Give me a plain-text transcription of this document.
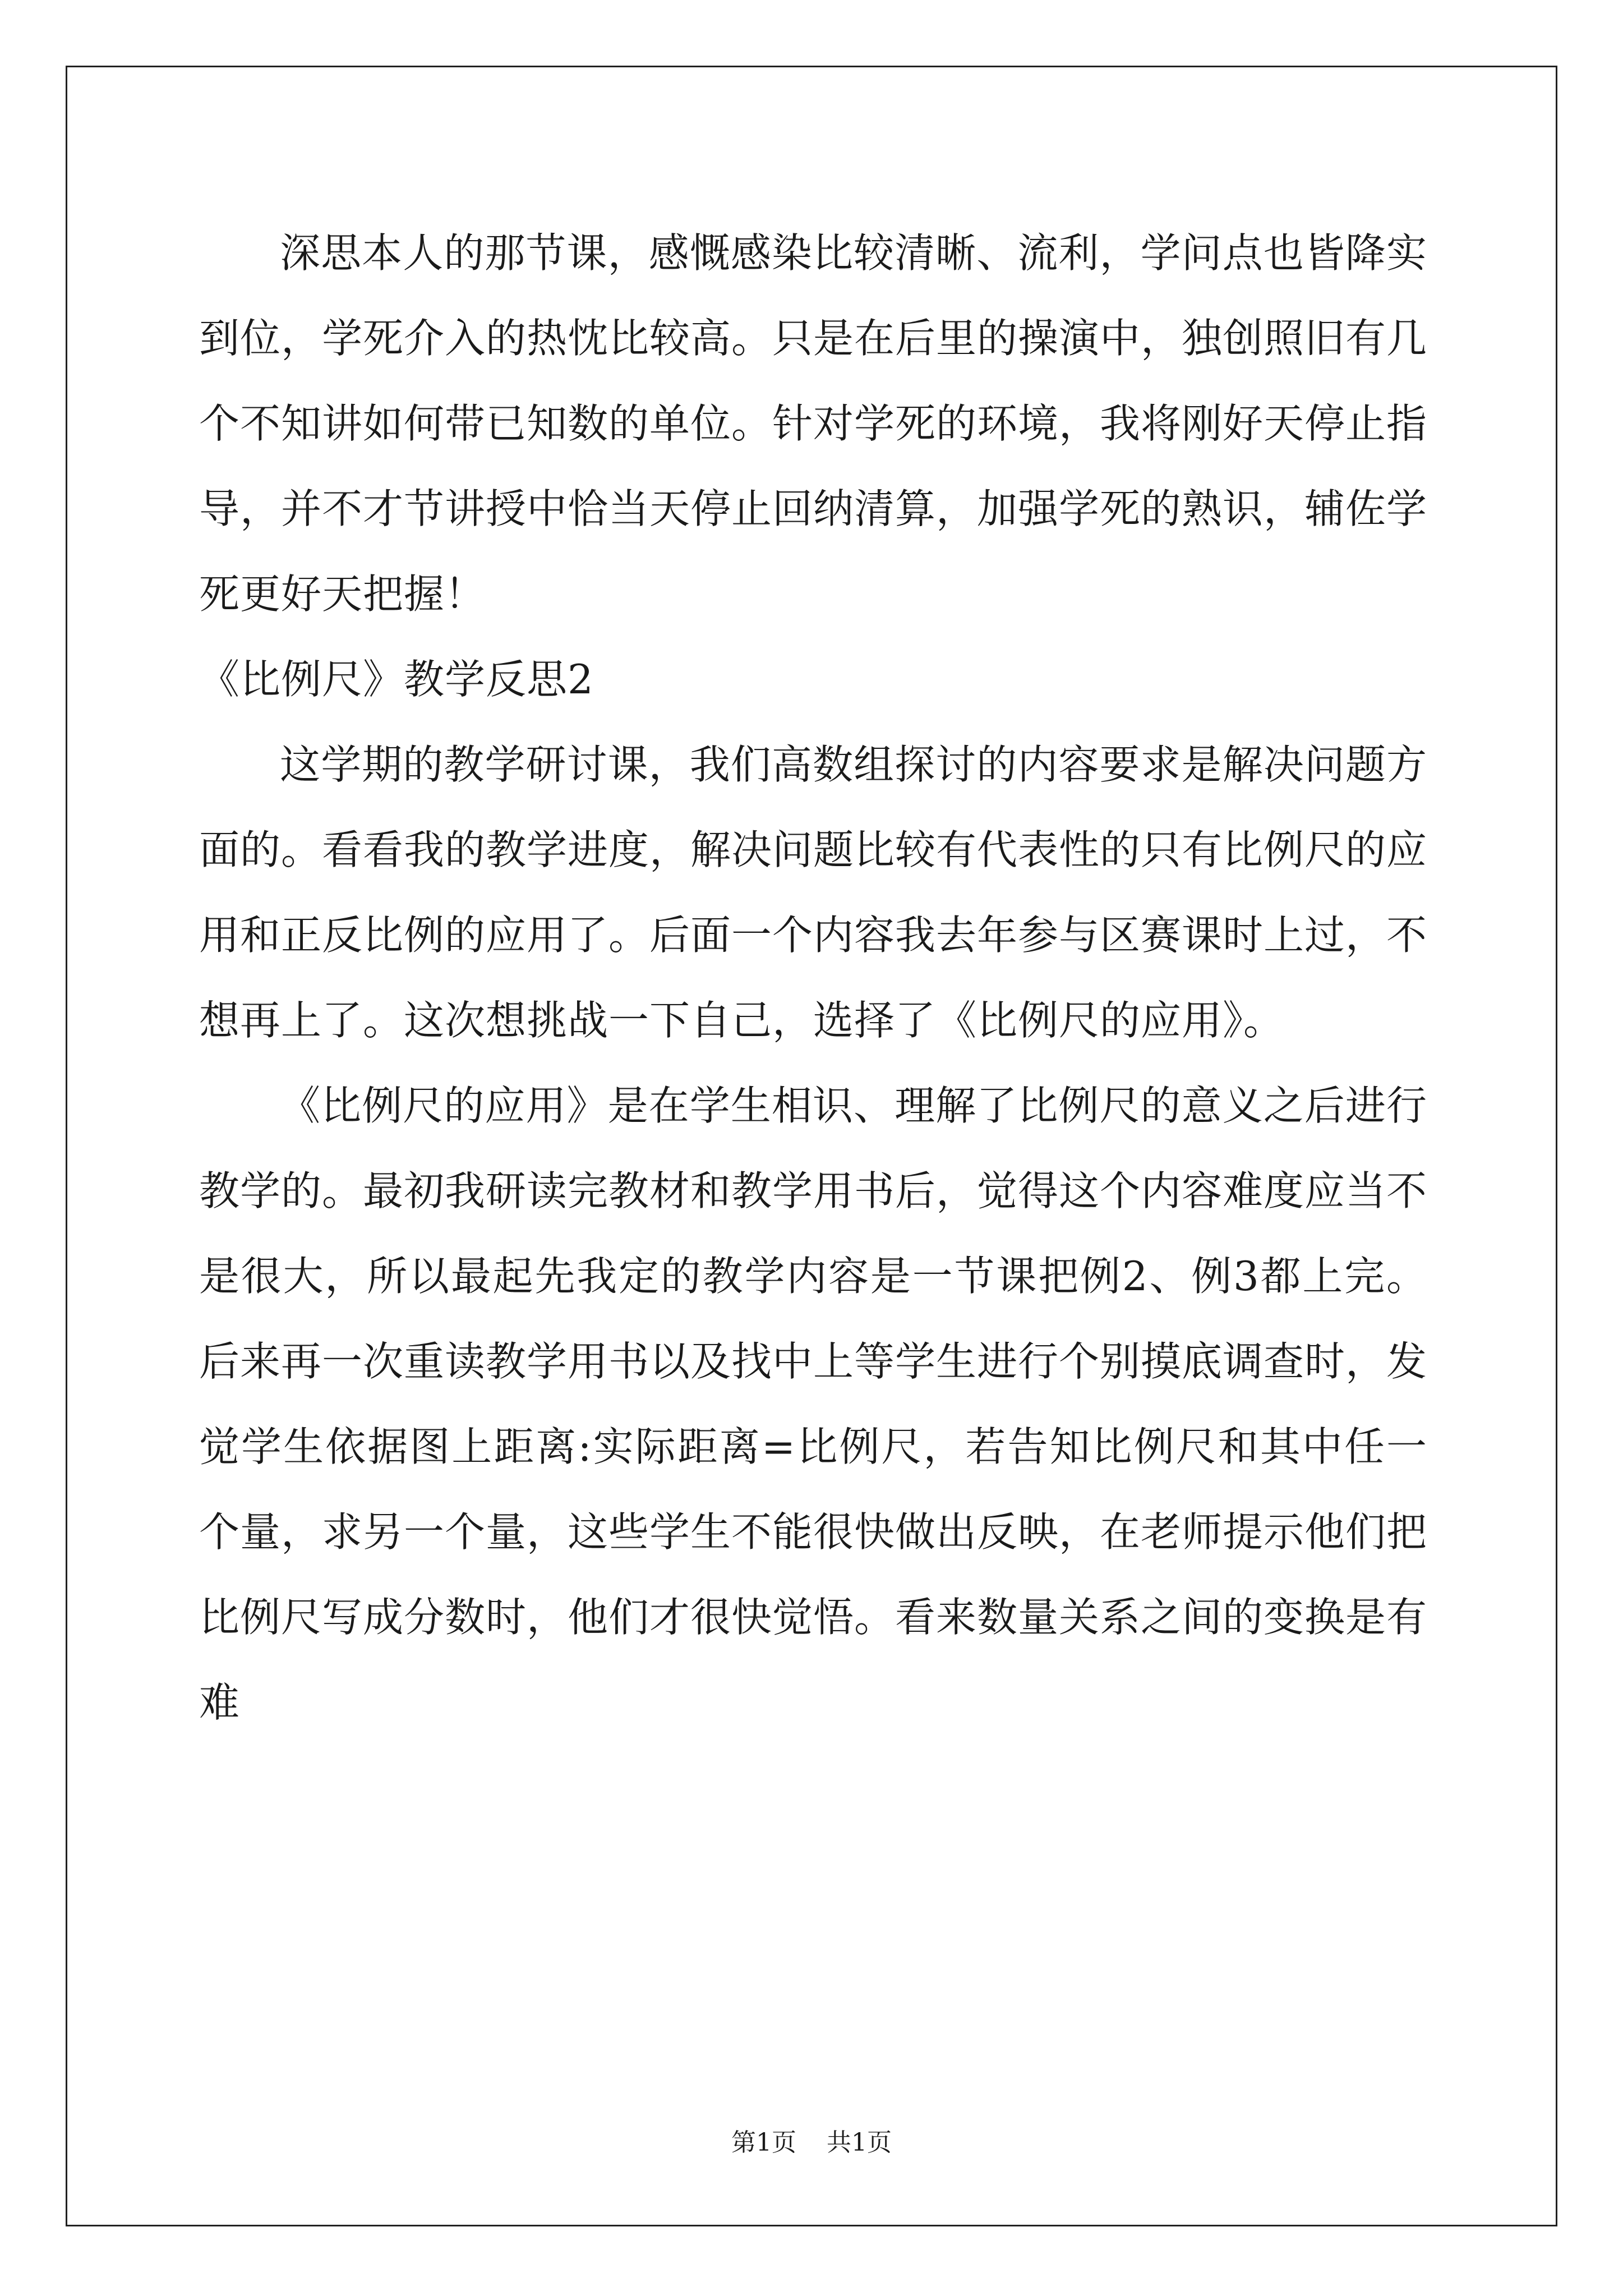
深思本人的那节课，感慨感染比较清晰、流利，学问点也皆降实到位，学死介入的热忱比较高。只是在后里的操演中，独创照旧有几个不知讲如何带已知数的单位。针对学死的环境，我将刚好天停止指导，并不才节讲授中恰当天停止回纳清算，加强学死的熟识，辅佐学死更好天把握！

《比例尺》教学反思2

这学期的教学研讨课，我们高数组探讨的内容要求是解决问题方面的。看看我的教学进度，解决问题比较有代表性的只有比例尺的应用和正反比例的应用了。后面一个内容我去年参与区赛课时上过，不想再上了。这次想挑战一下自己，选择了《比例尺的应用》。

《比例尺的应用》是在学生相识、理解了比例尺的意义之后进行教学的。最初我研读完教材和教学用书后，觉得这个内容难度应当不是很大，所以最起先我定的教学内容是一节课把例2、例3都上完。后来再一次重读教学用书以及找中上等学生进行个别摸底调查时，发觉学生依据图上距离:实际距离=比例尺，若告知比例尺和其中任一个量，求另一个量，这些学生不能很快做出反映，在老师提示他们把比例尺写成分数时，他们才很快觉悟。看来数量关系之间的变换是有难

第1页 共1页
